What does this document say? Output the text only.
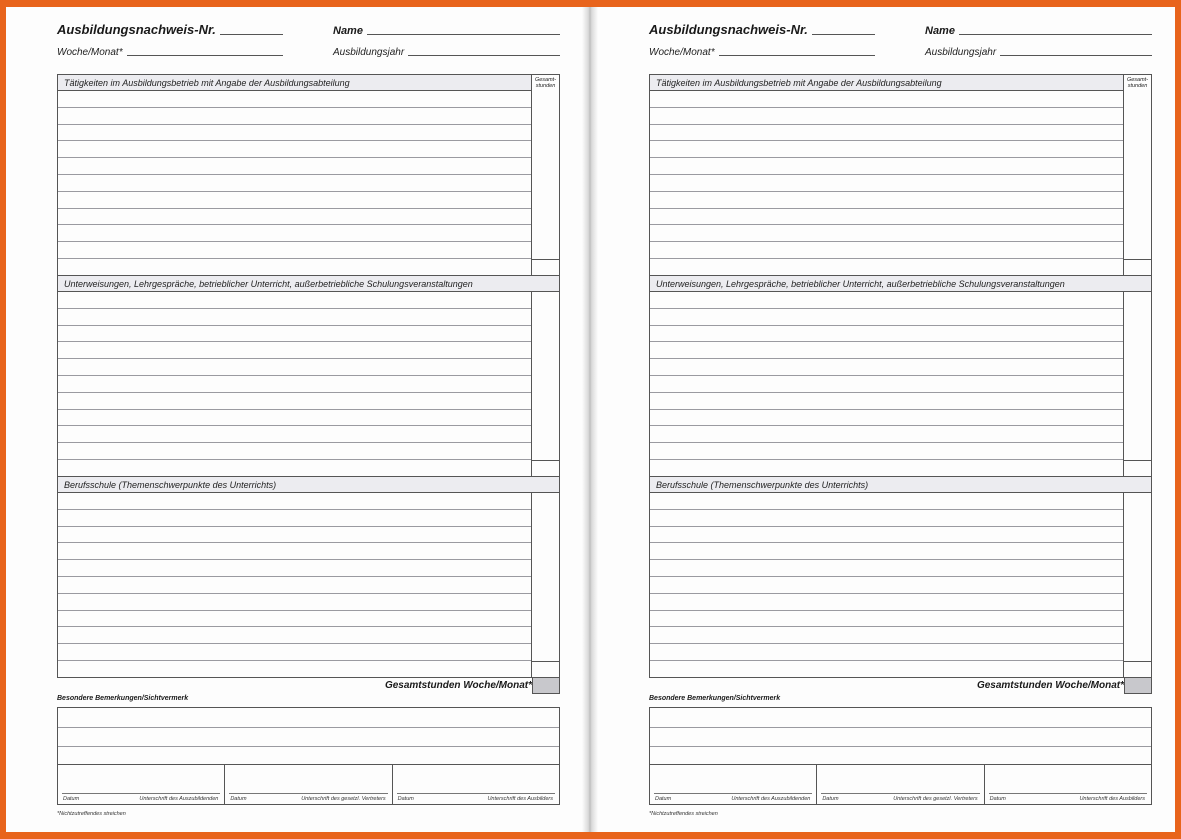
Ausbildungsnachweis-Nr.	Name
Woche/Monat*	Ausbildungsjahr
Tätigkeiten im Ausbildungsbetrieb mit Angabe der Ausbildungsabteilung	Gesamt-stunden
Unterweisungen, Lehrgespräche, betrieblicher Unterricht, außerbetriebliche Schulungsveranstaltungen
Berufsschule (Themenschwerpunkte des Unterrichts)
Gesamtstunden Woche/Monat*
Besondere Bemerkungen/Sichtvermerk
Datum	Unterschrift des Auszubildenden Datum	Unterschrift des gesetzl. Vertreters Datum	Unterschrift des Ausbilders
*Nichtzutreffendes streichen
Ausbildungsnachweis-Nr.	Name
Woche/Monat*	Ausbildungsjahr
Tätigkeiten im Ausbildungsbetrieb mit Angabe der Ausbildungsabteilung	Gesamt-stunden
Unterweisungen, Lehrgespräche, betrieblicher Unterricht, außerbetriebliche Schulungsveranstaltungen
Berufsschule (Themenschwerpunkte des Unterrichts)
Gesamtstunden Woche/Monat*
Besondere Bemerkungen/Sichtvermerk
Datum	Unterschrift des Auszubildenden Datum	Unterschrift des gesetzl. Vertreters Datum	Unterschrift des Ausbilders
*Nichtzutreffendes streichen
